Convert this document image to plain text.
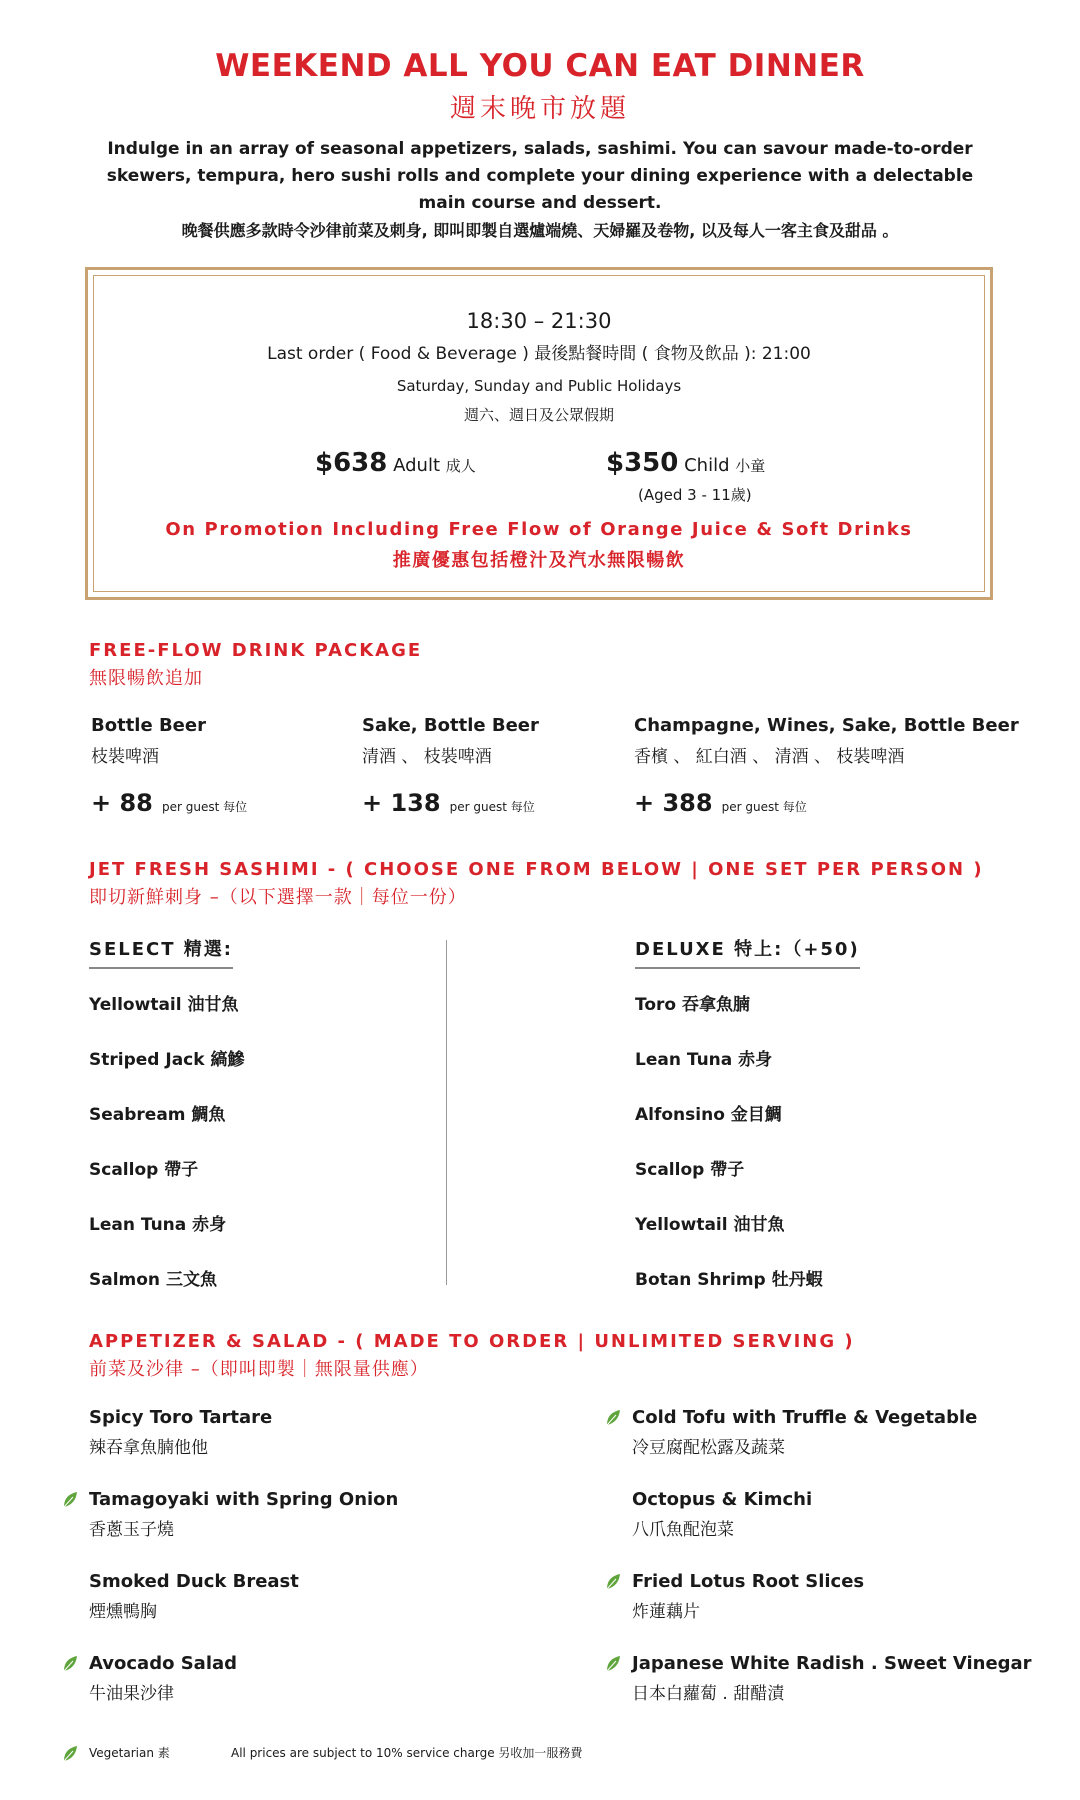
WEEKEND ALL YOU CAN EAT DINNER
週末晚市放題
Indulge in an array of seasonal appetizers, salads, sashimi. You can savour made-to-order skewers, tempura, hero sushi rolls and complete your dining experience with a delectable main course and dessert.
晚餐供應多款時令沙律前菜及刺身, 即叫即製自選爐端燒、天婦羅及卷物, 以及每人一客主食及甜品 。
18:30 – 21:30
Last order ( Food & Beverage ) 最後點餐時間 ( 食物及飲品 ): 21:00
Saturday, Sunday and Public Holidays
週六、週日及公眾假期
$638 Adult 成人	$350 Child 小童
(Aged 3 - 11歲)
On Promotion Including Free Flow of Orange Juice & Soft Drinks
推廣優惠包括橙汁及汽水無限暢飲
FREE-FLOW DRINK PACKAGE
無限暢飲追加
Bottle Beer
枝裝啤酒
+ 88 per guest 每位
Sake, Bottle Beer
清酒 、 枝裝啤酒
+ 138 per guest 每位
Champagne, Wines, Sake, Bottle Beer
香檳 、 紅白酒 、 清酒 、 枝裝啤酒
+ 388 per guest 每位
JET FRESH SASHIMI - ( CHOOSE ONE FROM BELOW | ONE SET PER PERSON )
即切新鮮刺身 –（以下選擇一款｜每位一份）
SELECT 精選:	DELUXE 特上:（+50)
Yellowtail 油甘魚
Striped Jack 縞鰺
Seabream 鯛魚
Scallop 帶子
Lean Tuna 赤身
Salmon 三文魚
Toro 吞拿魚腩
Lean Tuna 赤身
Alfonsino 金目鯛
Scallop 帶子
Yellowtail 油甘魚
Botan Shrimp 牡丹蝦
APPETIZER & SALAD - ( MADE TO ORDER | UNLIMITED SERVING )
前菜及沙律 –（即叫即製｜無限量供應）
Spicy Toro Tartare
辣吞拿魚腩他他
Tamagoyaki with Spring Onion
香蔥玉子燒
Smoked Duck Breast
煙燻鴨胸
Avocado Salad
牛油果沙律
Cold Tofu with Truffle & Vegetable
冷豆腐配松露及蔬菜
Octopus & Kimchi
八爪魚配泡菜
Fried Lotus Root Slices
炸蓮藕片
Japanese White Radish . Sweet Vinegar
日本白蘿蔔 . 甜醋漬
Vegetarian 素	All prices are subject to 10% service charge 另收加一服務費
